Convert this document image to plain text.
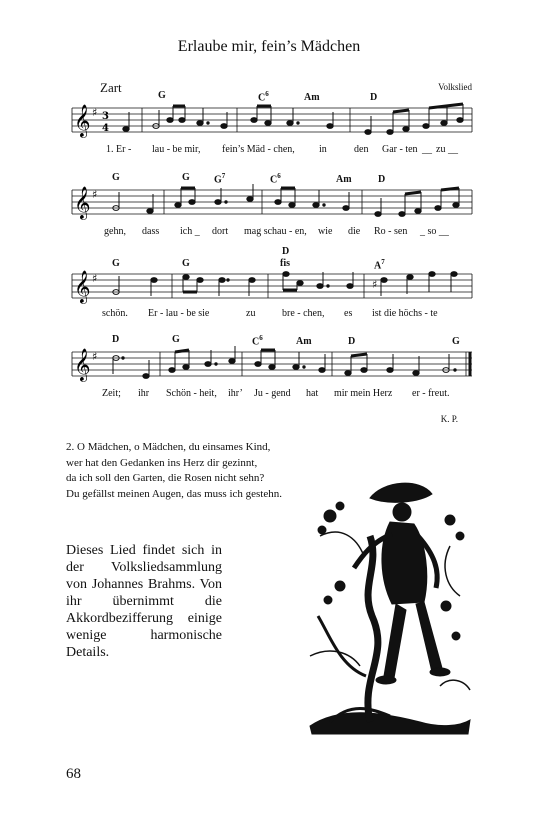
Erlaube mir, fein’s Mädchen
Zart	Volkslied
G	$C^6$	Am	D
𝄞 ♯ 3
4
1. Er - lau - be mir, fein’s Mäd - chen, in	den Gar - ten __ zu __
G	G $G^7$	$C^6$	Am	D
𝄞 ♯
gehn, dass ich _ dort mag schau - en, wie die Ro - sen _ so __
G	G
D
fis	$A^7$
𝄞 ♯	♯
schön. Er - lau - be sie	zu	bre - chen, es ist die höchs - te
D	G	$C^6$	Am	D	G
𝄞 ♯
Zeit; ihr Schön - heit, ihr’ Ju - gend hat mir mein Herz er - freut.
K. P.
2. O Mädchen, o Mädchen, du einsames Kind,
wer hat den Gedanken ins Herz dir gezinnt,
da ich soll den Garten, die Rosen nicht sehn?
Du gefällst meinen Augen, das muss ich gestehn.
Dieses Lied findet sich in der Volksliedsammlung von Johannes Brahms. Von ihr übernimmt die Akkordbezifferung einige wenige harmonische Details.
68
